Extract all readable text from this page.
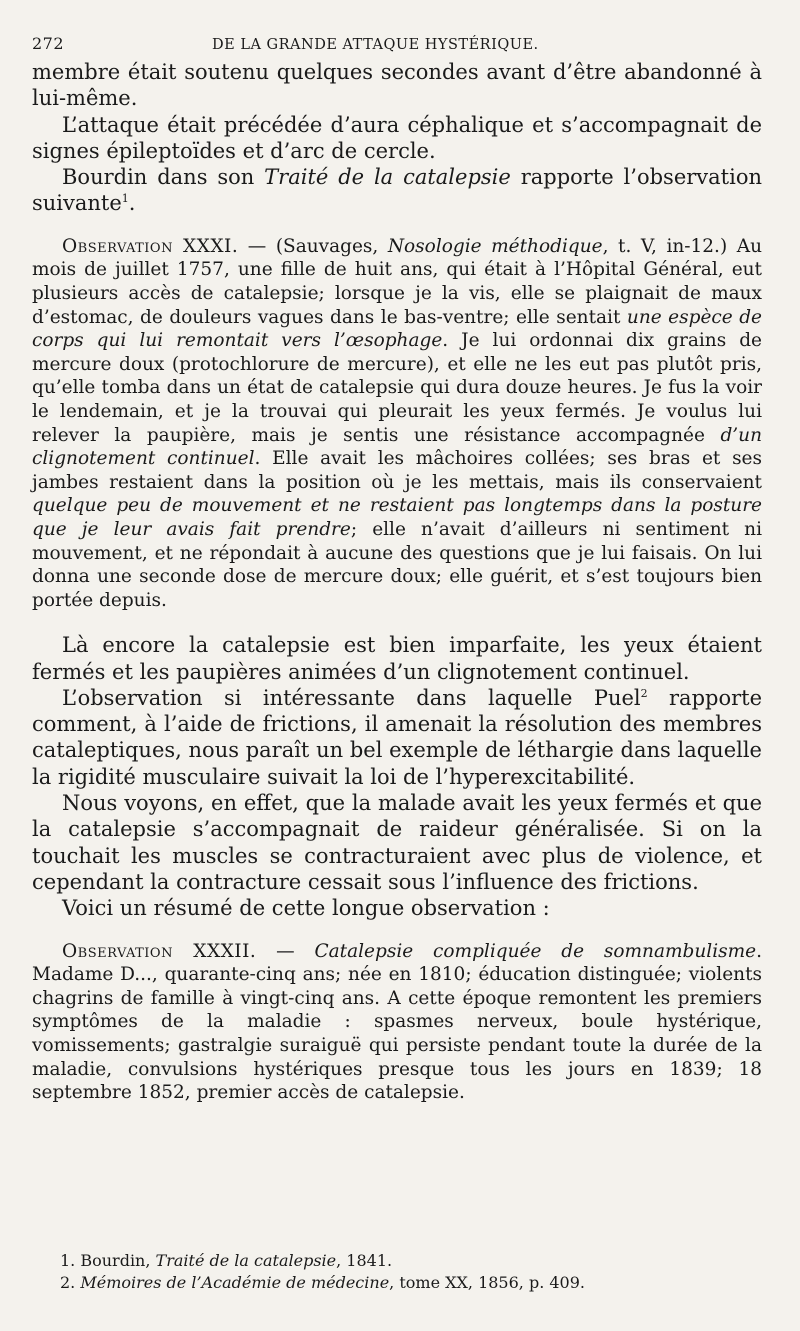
272	DE LA GRANDE ATTAQUE HYSTÉRIQUE.

membre était soutenu quelques secondes avant d’être abandonné à lui-même.

L’attaque était précédée d’aura céphalique et s’accompagnait de signes épileptoïdes et d’arc de cercle.

Bourdin dans son Traité de la catalepsie rapporte l’observation suivante$^1$.

Observation XXXI. — (Sauvages, Nosologie méthodique, t. V, in-12.) Au mois de juillet 1757, une fille de huit ans, qui était à l’Hôpital Général, eut plusieurs accès de catalepsie; lorsque je la vis, elle se plaignait de maux d’estomac, de douleurs vagues dans le bas-ventre; elle sentait une espèce de corps qui lui remontait vers l’œsophage. Je lui ordonnai dix grains de mercure doux (protochlorure de mercure), et elle ne les eut pas plutôt pris, qu’elle tomba dans un état de catalepsie qui dura douze heures. Je fus la voir le lendemain, et je la trouvai qui pleurait les yeux fermés. Je voulus lui relever la paupière, mais je sentis une résistance accompagnée d’un clignotement continuel. Elle avait les mâchoires collées; ses bras et ses jambes restaient dans la position où je les mettais, mais ils conservaient quelque peu de mouvement et ne restaient pas longtemps dans la posture que je leur avais fait prendre; elle n’avait d’ailleurs ni sentiment ni mouvement, et ne répondait à aucune des questions que je lui faisais. On lui donna une seconde dose de mercure doux; elle guérit, et s’est toujours bien portée depuis.

Là encore la catalepsie est bien imparfaite, les yeux étaient fermés et les paupières animées d’un clignotement continuel.

L’observation si intéressante dans laquelle Puel$^2$ rapporte comment, à l’aide de frictions, il amenait la résolution des membres cataleptiques, nous paraît un bel exemple de léthargie dans laquelle la rigidité musculaire suivait la loi de l’hyperexcitabilité.

Nous voyons, en effet, que la malade avait les yeux fermés et que la catalepsie s’accompagnait de raideur généralisée. Si on la touchait les muscles se contracturaient avec plus de violence, et cependant la contracture cessait sous l’influence des frictions.

Voici un résumé de cette longue observation :

Observation XXXII. — Catalepsie compliquée de somnambulisme. Madame D..., quarante-cinq ans; née en 1810; éducation distinguée; violents chagrins de famille à vingt-cinq ans. A cette époque remontent les premiers symptômes de la maladie : spasmes nerveux, boule hystérique, vomissements; gastralgie suraiguë qui persiste pendant toute la durée de la maladie, convulsions hystériques presque tous les jours en 1839; 18 septembre 1852, premier accès de catalepsie.

1. Bourdin, Traité de la catalepsie, 1841.
2. Mémoires de l’Académie de médecine, tome XX, 1856, p. 409.
